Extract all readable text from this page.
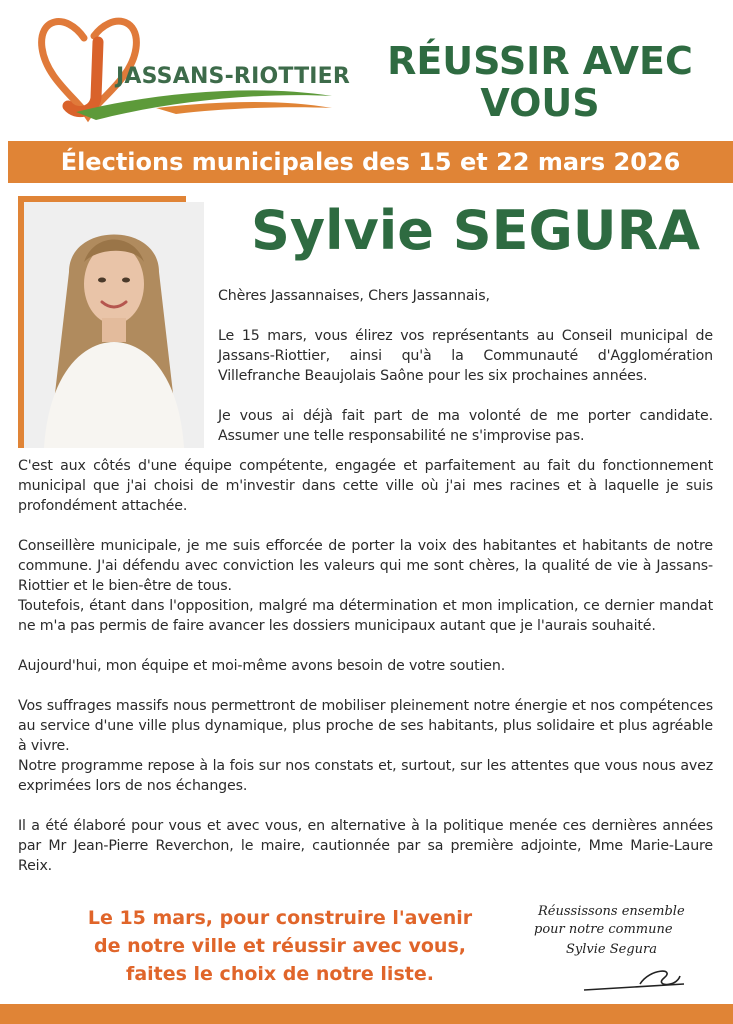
JASSANS-RIOTTIER RÉUSSIR AVEC
VOUS
Élections municipales des 15 et 22 mars 2026
Sylvie SEGURA

Chères Jassannaises, Chers Jassannais,

Le 15 mars, vous élirez vos représentants au Conseil municipal de Jassans-Riottier, ainsi qu'à la Communauté d'Agglomération Villefranche Beaujolais Saône pour les six prochaines années.

Je vous ai déjà fait part de ma volonté de me porter candidate. Assumer une telle responsabilité ne s'improvise pas.

C'est aux côtés d'une équipe compétente, engagée et parfaitement au fait du fonctionnement municipal que j'ai choisi de m'investir dans cette ville où j'ai mes racines et à laquelle je suis profondément attachée.

Conseillère municipale, je me suis efforcée de porter la voix des habitantes et habitants de notre commune. J'ai défendu avec conviction les valeurs qui me sont chères, la qualité de vie à Jassans-Riottier et le bien-être de tous.

Toutefois, étant dans l'opposition, malgré ma détermination et mon implication, ce dernier mandat ne m'a pas permis de faire avancer les dossiers municipaux autant que je l'aurais souhaité.

Aujourd'hui, mon équipe et moi-même avons besoin de votre soutien.

Vos suffrages massifs nous permettront de mobiliser pleinement notre énergie et nos compétences au service d'une ville plus dynamique, plus proche de ses habitants, plus solidaire et plus agréable à vivre.

Notre programme repose à la fois sur nos constats et, surtout, sur les attentes que vous nous avez exprimées lors de nos échanges.

Il a été élaboré pour vous et avec vous, en alternative à la politique menée ces dernières années par Mr Jean-Pierre Reverchon, le maire, cautionnée par sa première adjointe, Mme Marie-Laure Reix.

Le 15 mars, pour construire l'avenir
de notre ville et réussir avec vous,
faites le choix de notre liste.
Réussissons ensemble
pour notre commune
Sylvie Segura
